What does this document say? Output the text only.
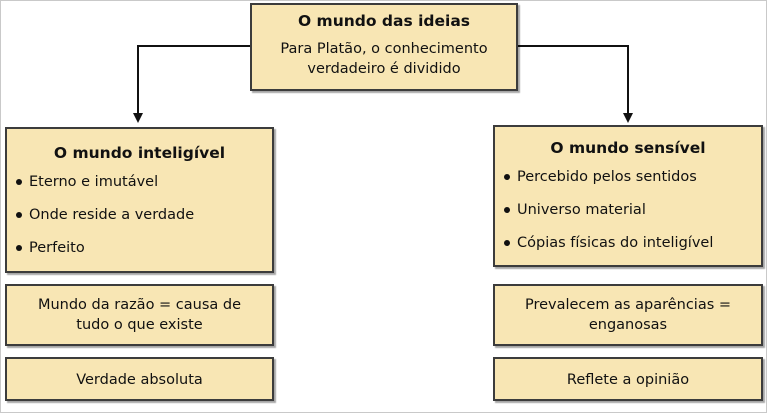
O mundo das ideias
Para Platão, o conhecimento verdadeiro é dividido
O mundo inteligível
Eterno e imutável
Onde reside a verdade
Perfeito
Mundo da razão = causa de tudo o que existe
Verdade absoluta
O mundo sensível
Percebido pelos sentidos
Universo material
Cópias físicas do inteligível
Prevalecem as aparências = enganosas
Reflete a opinião
